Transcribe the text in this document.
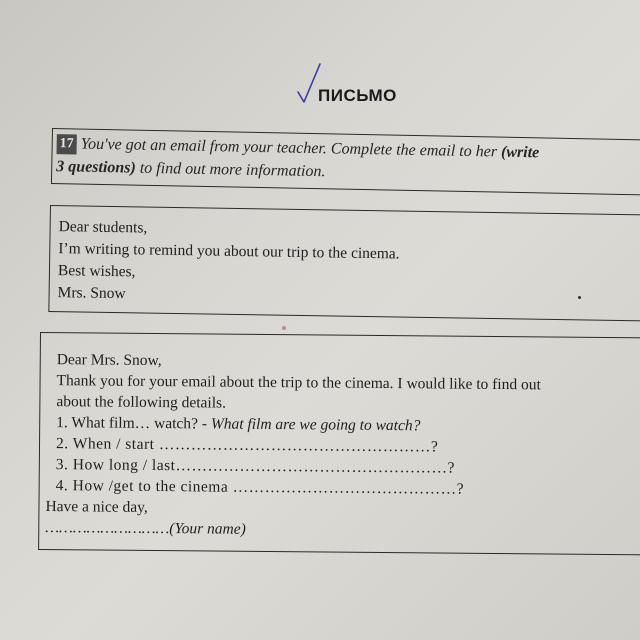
ПИСЬМО
17 You've got an email from your teacher. Complete the email to her (write
3 questions) to find out more information.
Dear students,
I’m writing to remind you about our trip to the cinema.
Best wishes,
Mrs. Snow
Dear Mrs. Snow,
Thank you for your email about the trip to the cinema. I would like to find out
about the following details.
1. What film… watch? - What film are we going to watch?
2. When / start ……………………………………………?
3. How long / last……………………………………………?
4. How /get to the cinema ……………………………………?
Have a nice day,
………………………(Your name)
